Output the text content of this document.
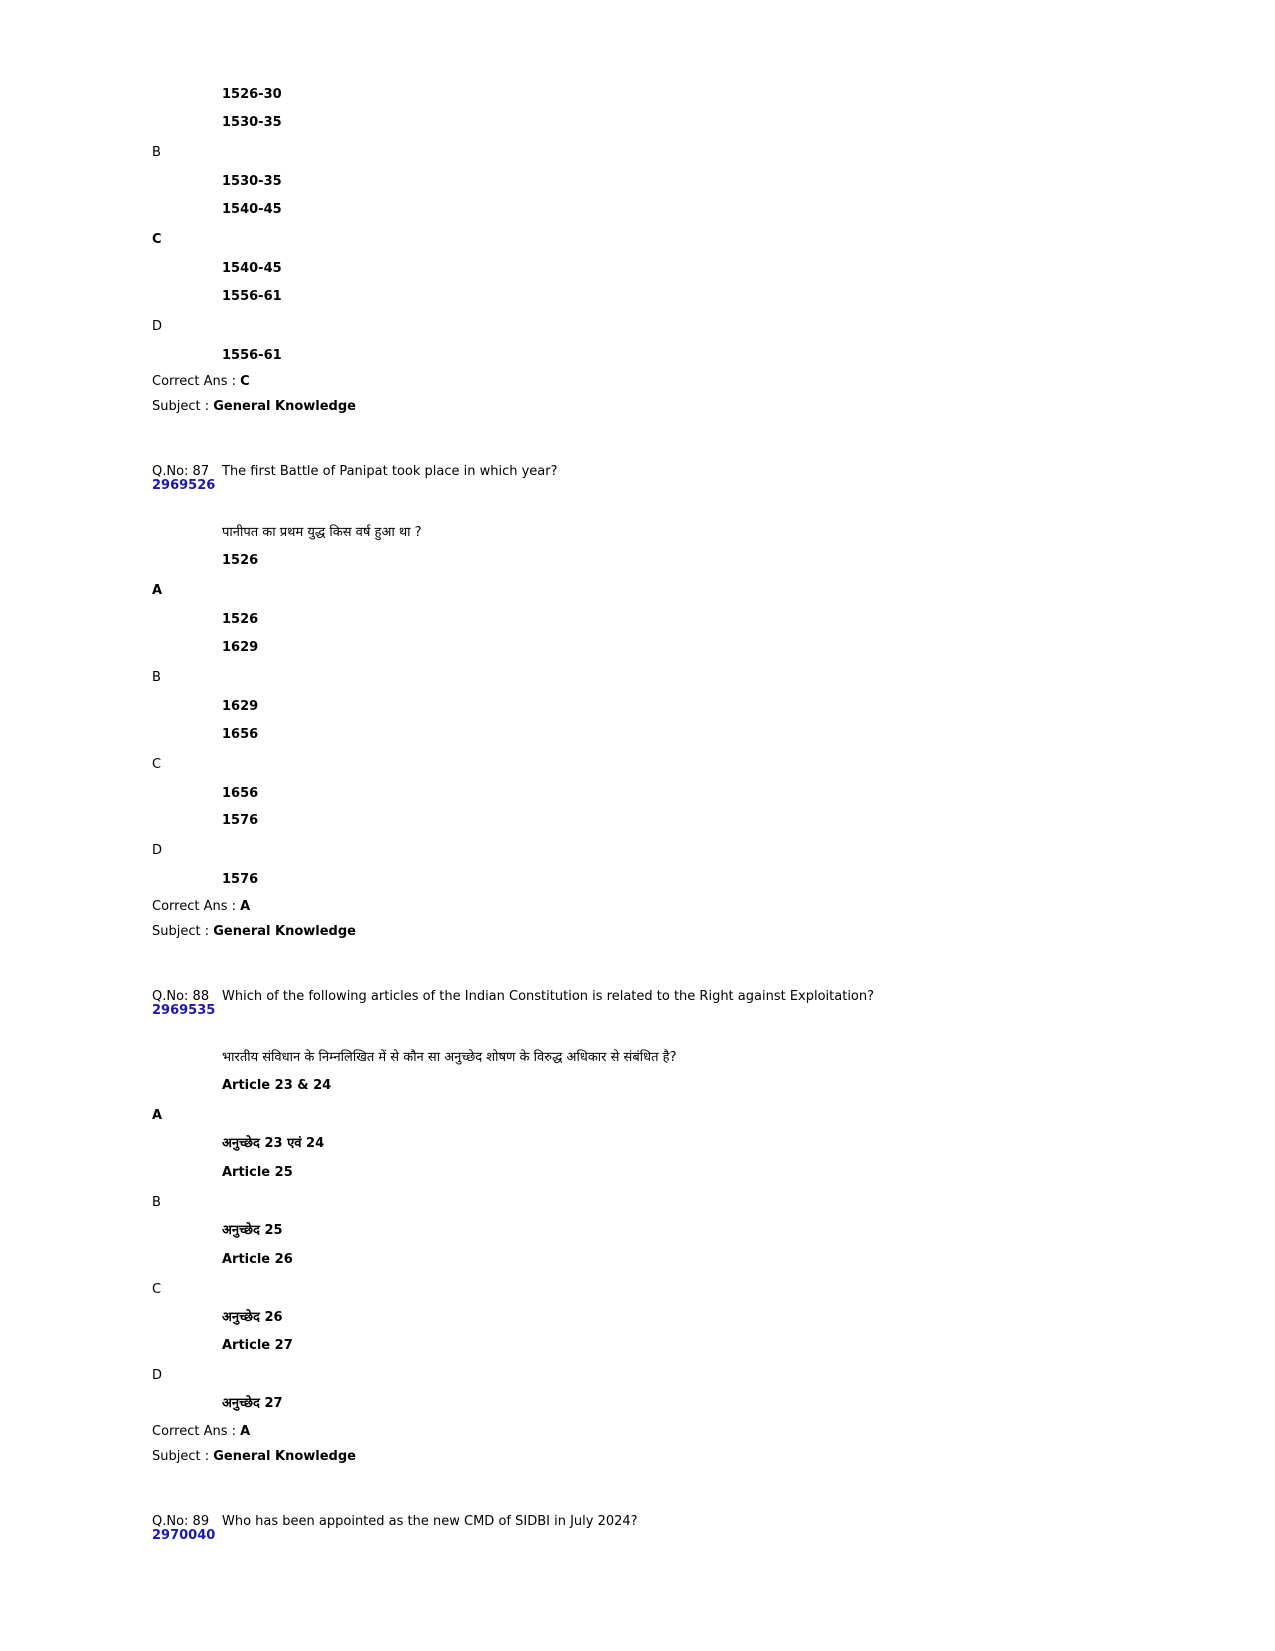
1526-30
1530-35
B
1530-35
1540-45
C
1540-45
1556-61
D
1556-61
Correct Ans : C
Subject : General Knowledge
Q.No: 87 The first Battle of Panipat took place in which year?
2969526
पानीपत का प्रथम युद्ध किस वर्ष हुआ था ?
1526
A
1526
1629
B
1629
1656
C
1656
1576
D
1576
Correct Ans : A
Subject : General Knowledge
Q.No: 88 Which of the following articles of the Indian Constitution is related to the Right against Exploitation?
2969535
भारतीय संविधान के निम्नलिखित में से कौन सा अनुच्छेद शोषण के विरुद्ध अधिकार से संबंधित है?
Article 23 & 24
A
अनुच्छेद 23 एवं 24
Article 25
B
अनुच्छेद 25
Article 26
C
अनुच्छेद 26
Article 27
D
अनुच्छेद 27
Correct Ans : A
Subject : General Knowledge
Q.No: 89 Who has been appointed as the new CMD of SIDBI in July 2024?
2970040
